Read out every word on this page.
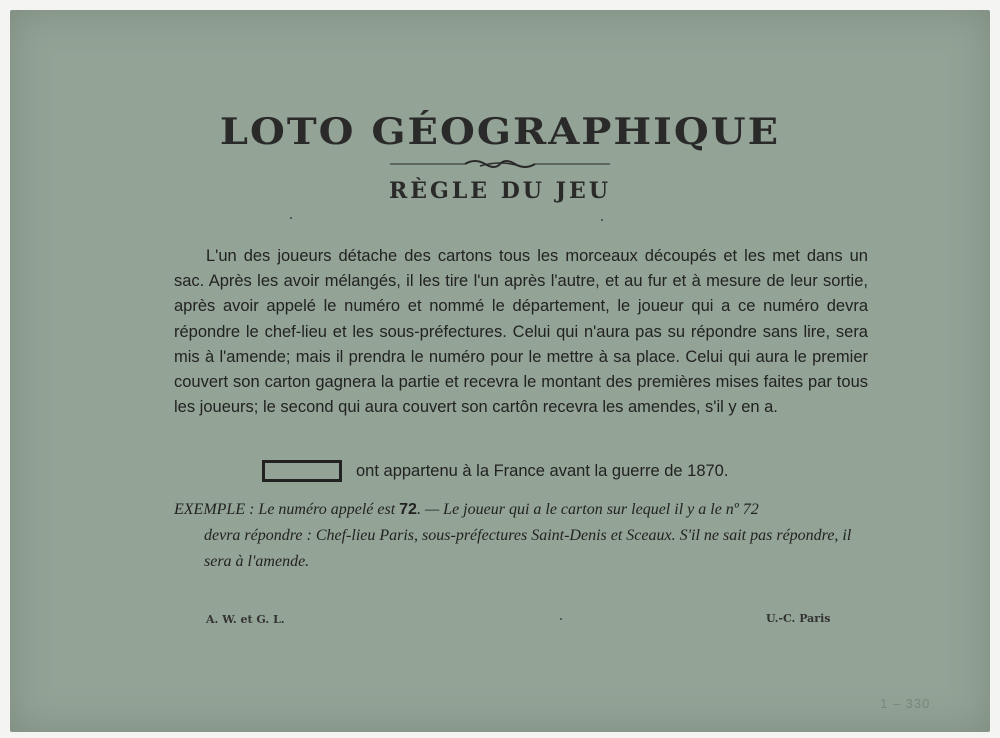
LOTO GÉOGRAPHIQUE
RÈGLE DU JEU

L'un des joueurs détache des cartons tous les morceaux découpés et les met dans un sac. Après les avoir mélangés, il les tire l'un après l'autre, et au fur et à mesure de leur sortie, après avoir appelé le numéro et nommé le département, le joueur qui a ce numéro devra répondre le chef-lieu et les sous-préfectures. Celui qui n'aura pas su répondre sans lire, sera mis à l'amende; mais il prendra le numéro pour le mettre à sa place. Celui qui aura le premier couvert son carton gagnera la partie et recevra le montant des premières mises faites par tous les joueurs; le second qui aura couvert son cartôn recevra les amendes, s'il y en a.

ont appartenu à la France avant la guerre de 1870.

EXEMPLE : Le numéro appelé est 72. — Le joueur qui a le carton sur lequel il y a le nº 72
devra répondre : Chef-lieu Paris, sous-préfectures Saint-Denis et Sceaux. S'il ne sait pas répondre, il sera à l'amende.

A. W. et G. L.	U.-C. Paris
1 – 330
